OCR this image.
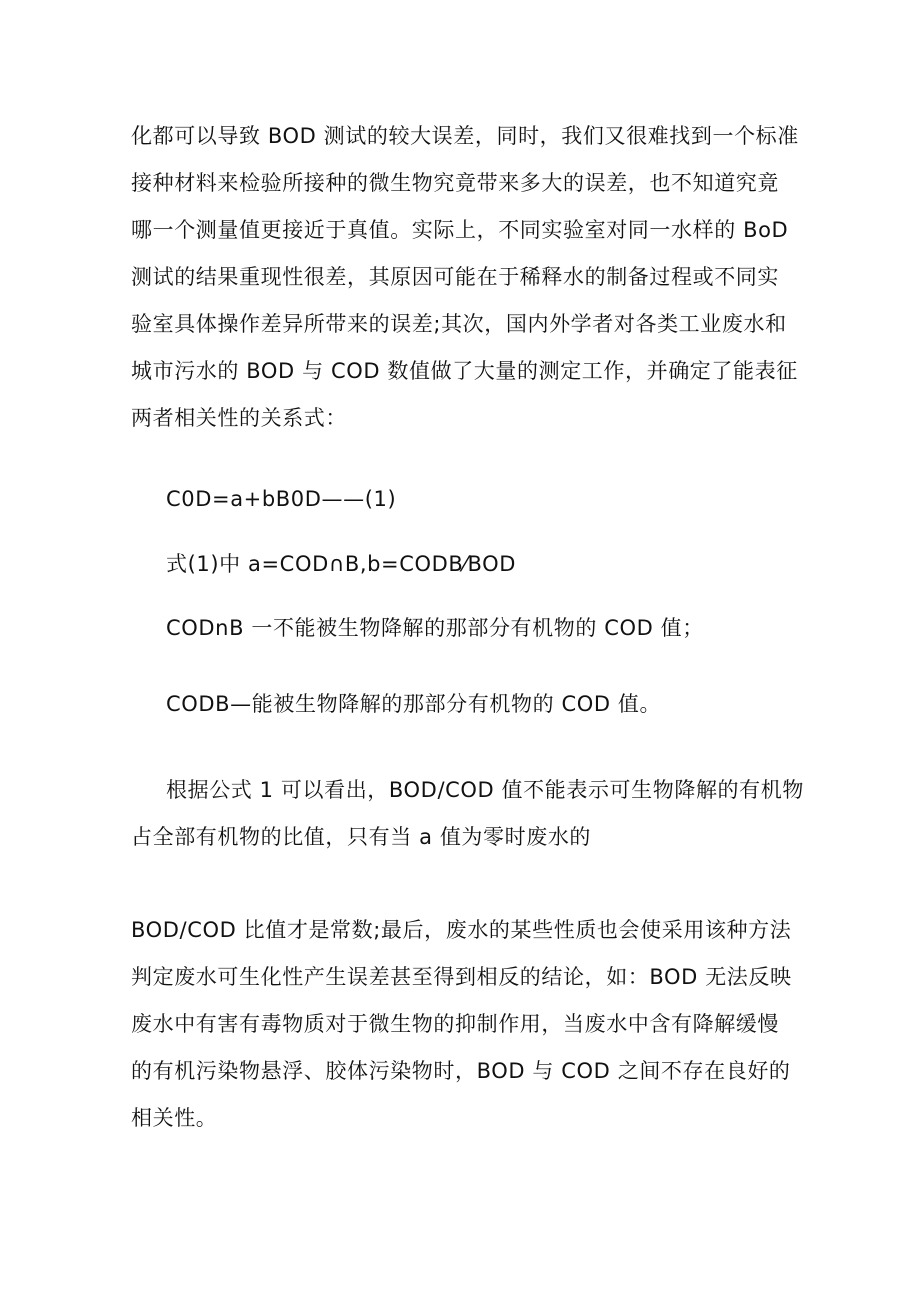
化都可以导致 BOD 测试的较大误差，同时，我们又很难找到一个标准
接种材料来检验所接种的微生物究竟带来多大的误差，也不知道究竟
哪一个测量值更接近于真值。实际上，不同实验室对同一水样的 BoD
测试的结果重现性很差，其原因可能在于稀释水的制备过程或不同实
验室具体操作差异所带来的误差;其次，国内外学者对各类工业废水和
城市污水的 BOD 与 COD 数值做了大量的测定工作，并确定了能表征
两者相关性的关系式：

C0D=a+bB0D——(1)

式(1)中 a=COD∩B,b=CODB⁄BOD

CODnB 一不能被生物降解的那部分有机物的 COD 值；

CODB—能被生物降解的那部分有机物的 COD 值。

根据公式 1 可以看出，BOD/COD 值不能表示可生物降解的有机物
占全部有机物的比值，只有当 a 值为零时废水的

BOD/COD 比值才是常数;最后，废水的某些性质也会使采用该种方法
判定废水可生化性产生误差甚至得到相反的结论，如：BOD 无法反映
废水中有害有毒物质对于微生物的抑制作用，当废水中含有降解缓慢
的有机污染物悬浮、胶体污染物时，BOD 与 COD 之间不存在良好的
相关性。
